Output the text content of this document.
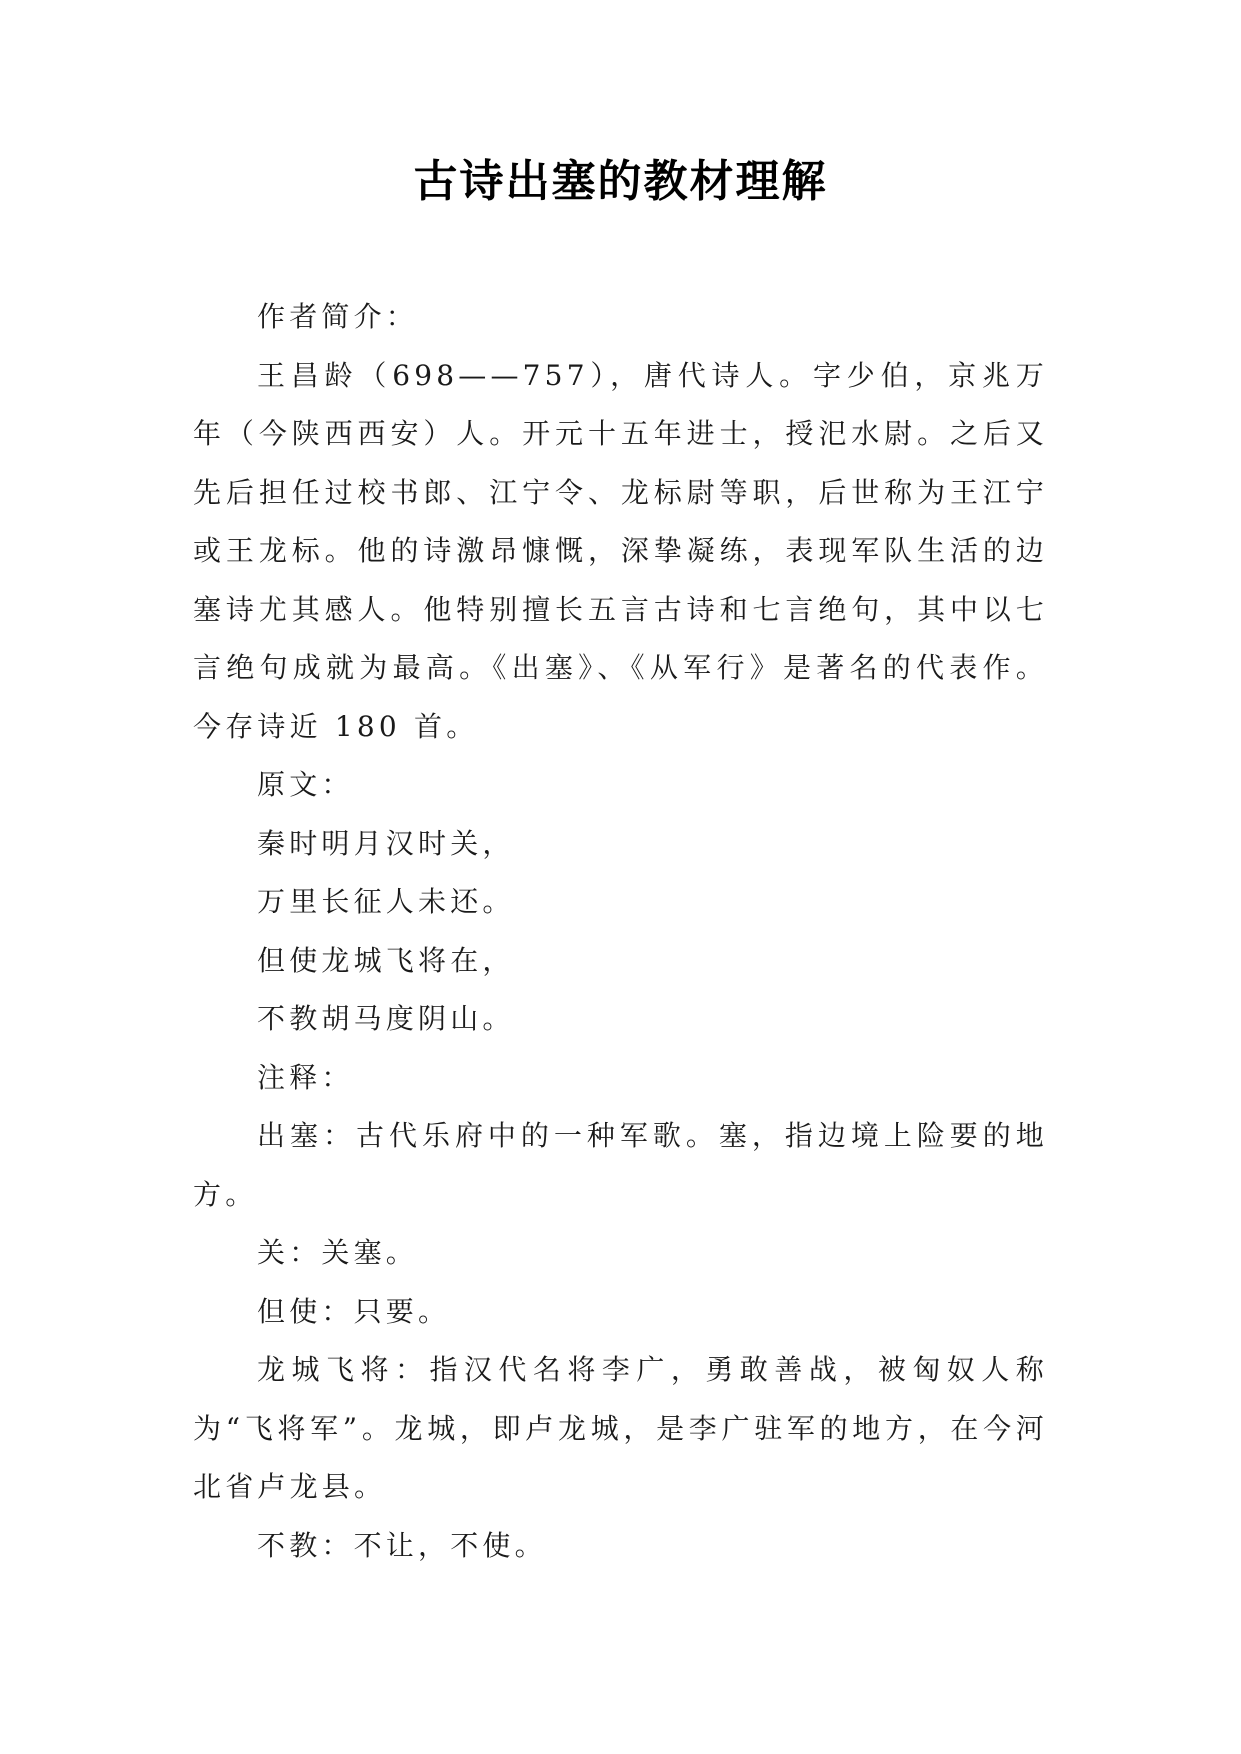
古诗出塞的教材理解

作者简介：

王昌龄（698——757），唐代诗人。字少伯，京兆万年（今陕西西安）人。开元十五年进士，授汜水尉。之后又先后担任过校书郎、江宁令、龙标尉等职，后世称为王江宁或王龙标。他的诗激昂慷慨，深挚凝练，表现军队生活的边塞诗尤其感人。他特别擅长五言古诗和七言绝句，其中以七言绝句成就为最高。《出塞》、《从军行》是著名的代表作。今存诗近 180 首。

原文：

秦时明月汉时关，

万里长征人未还。

但使龙城飞将在，

不教胡马度阴山。

注释：

出塞：古代乐府中的一种军歌。塞，指边境上险要的地方。

关：关塞。

但使：只要。

龙城飞将：指汉代名将李广，勇敢善战，被匈奴人称为“飞将军”。龙城，即卢龙城，是李广驻军的地方，在今河北省卢龙县。

不教：不让，不使。
